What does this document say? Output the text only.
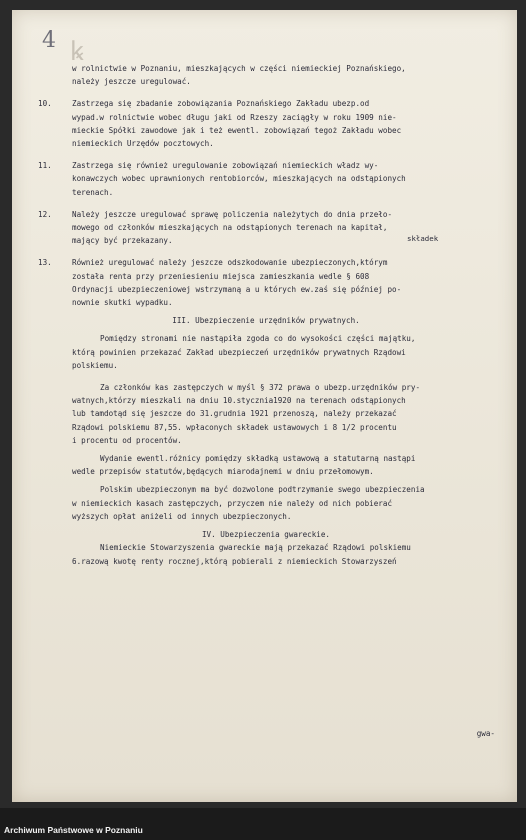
4 ꝃ
w rolnictwie w Poznaniu, mieszkających w części niemieckiej Poznańskiego,
należy jeszcze uregulować.
10.	Zastrzega się zbadanie zobowiązania Poznańskiego Zakładu ubezp.od
wypad.w rolnictwie wobec długu jaki od Rzeszy zaciągły w roku 1909 nie-
mieckie Spółki zawodowe jak i też ewentl. zobowiązań tegoż Zakładu wobec
niemieckich Urzędów pocztowych.
11.	Zastrzega się również uregulowanie zobowiązań niemieckich władz wy-
konawczych wobec uprawnionych rentobiorców, mieszkających na odstąpionych
terenach.
12.	Należy jeszcze uregulować sprawę policzenia należytych do dnia przeło-
mowego od członków mieszkających na odstąpionych terenach na kapitał,
mający być przekazany.
13.	Również uregulować należy jeszcze odszkodowanie ubezpieczonych,którym
została renta przy przeniesieniu miejsca zamieszkania wedle § 608
Ordynacji ubezpieczeniowej wstrzymaną a u których ew.zaś się później po-
nownie skutki wypadku.
III. Ubezpieczenie urzędników prywatnych.
Pomiędzy stronami nie nastąpiła zgoda co do wysokości części majątku,
którą powinien przekazać Zakład ubezpieczeń urzędników prywatnych Rządowi
polskiemu.
Za członków kas zastępczych w myśl § 372 prawa o ubezp.urzędników pry-
watnych,którzy mieszkali na dniu 10.stycznia1920 na terenach odstąpionych
lub tamdotąd się jeszcze do 31.grudnia 1921 przenoszą, należy przekazać
Rządowi polskiemu 87,55. wpłaconych składek ustawowych i 8 1/2 procentu
i procentu od procentów.
Wydanie ewentl.różnicy pomiędzy składką ustawową a statutarną nastąpi
wedle przepisów statutów,będących miarodajnemi w dniu przełomowym.
Polskim ubezpieczonym ma być dozwolone podtrzymanie swego ubezpieczenia
w niemieckich kasach zastępczych, przyczem nie należy od nich pobierać
wyższych opłat aniżeli od innych ubezpieczonych.
IV. Ubezpieczenia gwareckie.
Niemieckie Stowarzyszenia gwareckie mają przekazać Rządowi polskiemu
6.razową kwotę renty rocznej,którą pobierali z niemieckich Stowarzyszeń
składek
gwa-
Archiwum Państwowe w Poznaniu
